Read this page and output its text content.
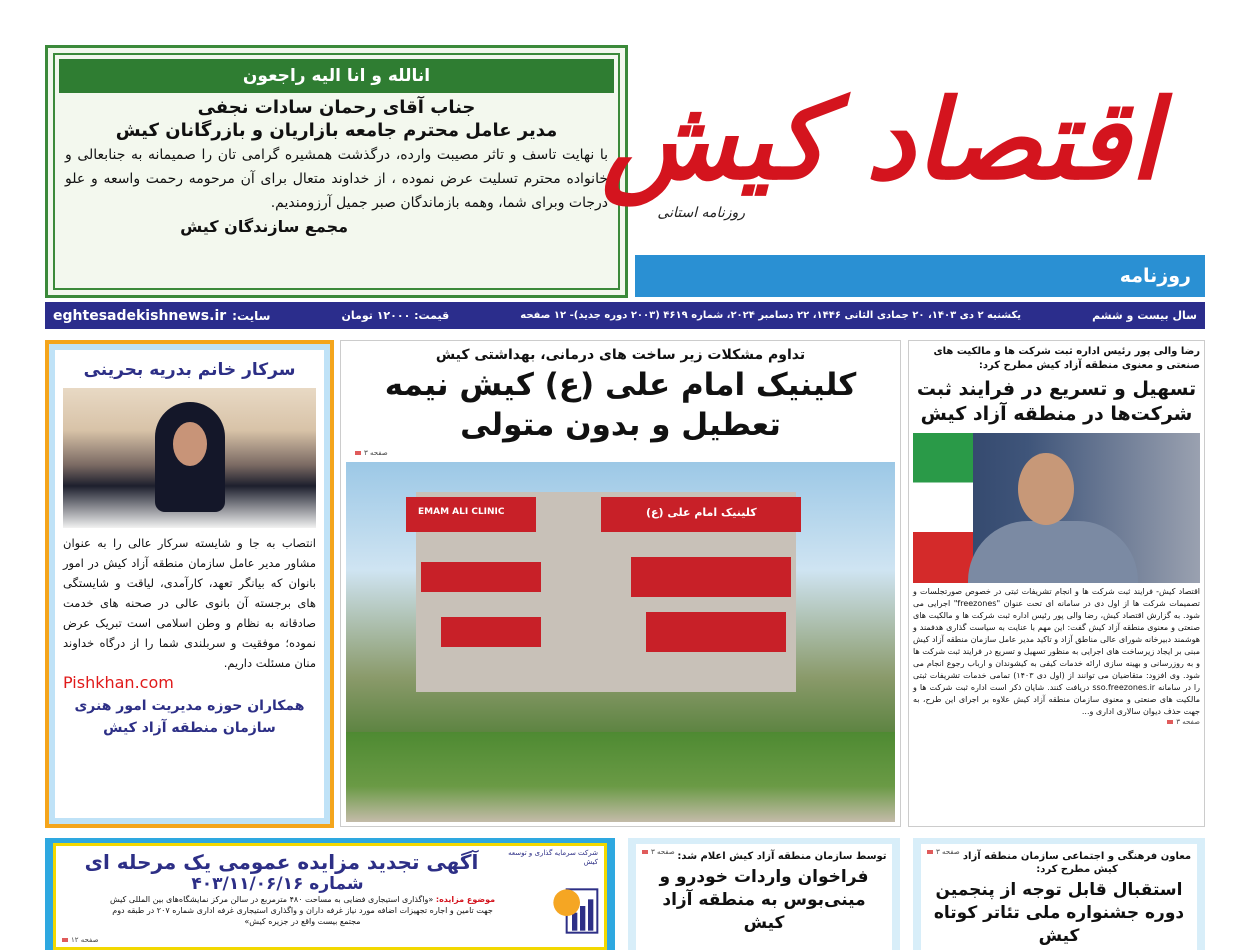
انالله و انا الیه راجعون
جناب آقای رحمان سادات نجفی
مدیر عامل محترم جامعه بازاریان و بازرگانان کیش
با نهایت تاسف و تاثر مصیبت وارده، درگذشت همشیره گرامی تان را صمیمانه به جنابعالی و خانواده محترم تسلیت عرض نموده ، از خداوند متعال برای آن مرحومه رحمت واسعه و علو درجات وبرای شما، وهمه بازماندگان صبر جمیل آرزومندیم.
مجمع سازندگان کیش
اقتصاد کیش
روزنامه استانی
روزنامه
سال بیست و ششم
یکشنبه ۲ دی ۱۴۰۳، ۲۰ جمادی الثانی ۱۴۴۶، ۲۲ دسامبر ۲۰۲۴، شماره ۴۶۱۹ (۲۰۰۳ دوره جدید)- ۱۲ صفحه
قیمت: ۱۲۰۰۰ تومان
سایت:eghtesadekishnews.ir
سرکار خانم بدریه بحرینی
انتصاب به جا و شایسته سرکار عالی را به عنوان مشاور مدیر عامل سازمان منطقه آزاد کیش در امور بانوان که بیانگر تعهد، کارآمدی، لیاقت و شایستگی های برجسته آن بانوی عالی در صحنه های خدمت صادقانه به نظام و وطن اسلامی است تبریک عرض نموده؛ موفقیت و سربلندی شما را از درگاه خداوند منان مسئلت داریم.
Pishkhan.com
همکاران حوزه مدیریت امور هنری
سازمان منطقه آزاد کیش
تداوم مشکلات زیر ساخت های درمانی، بهداشتی کیش
کلینیک امام علی (ع) کیش نیمه تعطیل و بدون متولی
صفحه ۳
EMAM ALI CLINIC	کلینیک امام علی (ع)
رضا والی پور رئیس اداره ثبت شرکت ها و مالکیت های صنعتی و معنوی منطقه آزاد کیش مطرح کرد:
تسهیل و تسریع در فرایند ثبت شرکت‌ها در منطقه آزاد کیش
اقتصاد کیش- فرایند ثبت شرکت ها و انجام تشریفات ثبتی در خصوص صورتجلسات و تصمیمات شرکت ها از اول دی در سامانه ای تحت عنوان "freezones" اجرایی می شود. به گزارش اقتصاد کیش، رضا والی پور رئیس اداره ثبت شرکت ها و مالکیت های صنعتی و معنوی منطقه آزاد کیش گفت: این مهم با عنایت به سیاست گذاری هدفمند و هوشمند دبیرخانه شورای عالی مناطق آزاد و تاکید مدیر عامل سازمان منطقه آزاد کیش مبنی بر ایجاد زیرساخت های اجرایی به منظور تسهیل و تسریع در فرایند ثبت شرکت ها و به روزرسانی و بهینه سازی ارائه خدمات کیفی به کیشوندان و ارباب رجوع انجام می شود. وی افزود: متقاضیان می توانند از (اول دی ۱۴۰۳) تمامی خدمات تشریفات ثبتی را در سامانه sso.freezones.ir دریافت کنند. شایان ذکر است اداره ثبت شرکت ها و مالکیت های صنعتی و معنوی سازمان منطقه آزاد کیش علاوه بر اجرای این طرح، به جهت حذف دیوان سالاری اداری و...
صفحه ۳
شرکت سرمایه گذاری و توسعه کیش
آگهی تجدید مزایده عمومی یک مرحله ای
شماره ۴۰۳/۱۱/۰۶/۱۶
موضوع مزایده: «واگذاری استیجاری فضایی به مساحت ۴۸۰ مترمربع در سالن مرکز نمایشگاه‌های بین المللی کیش جهت تامین و اجاره تجهیزات اضافه مورد نیاز غرفه داران و واگذاری استیجاری غرفه اداری شماره ۲۰۷ در طبقه دوم مجتمع بیست واقع در جزیره کیش»
صفحه ۱۲
صفحه ۳ توسط سازمان منطقه آزاد کیش اعلام شد:
فراخوان واردات خودرو و مینی‌بوس به منطقه آزاد کیش
صفحه ۳ معاون فرهنگی و اجتماعی سازمان منطقه آزاد کیش مطرح کرد:
استقبال قابل توجه از پنجمین دوره جشنواره ملی تئاتر کوتاه کیش
